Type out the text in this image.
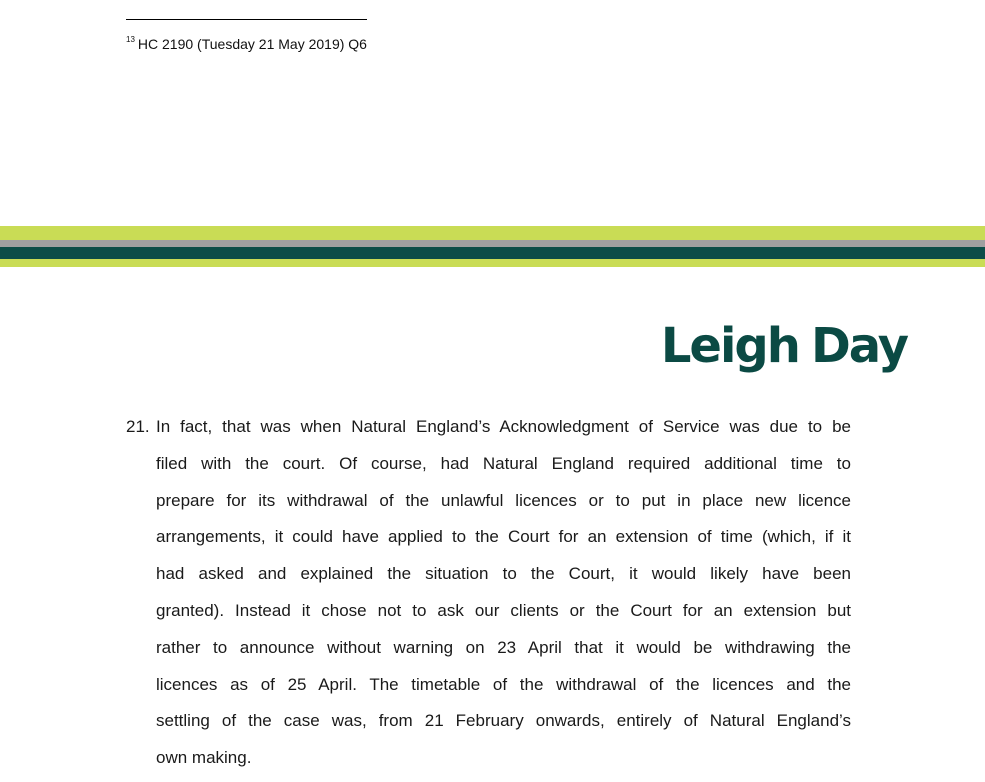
$^{13}$ HC 2190 (Tuesday 21 May 2019) Q6
Leigh Day
21. In fact, that was when Natural England’s Acknowledgment of Service was due to be
filed with the court. Of course, had Natural England required additional time to
prepare for its withdrawal of the unlawful licences or to put in place new licence
arrangements, it could have applied to the Court for an extension of time (which, if it
had asked and explained the situation to the Court, it would likely have been
granted). Instead it chose not to ask our clients or the Court for an extension but
rather to announce without warning on 23 April that it would be withdrawing the
licences as of 25 April. The timetable of the withdrawal of the licences and the
settling of the case was, from 21 February onwards, entirely of Natural England’s
own making.
